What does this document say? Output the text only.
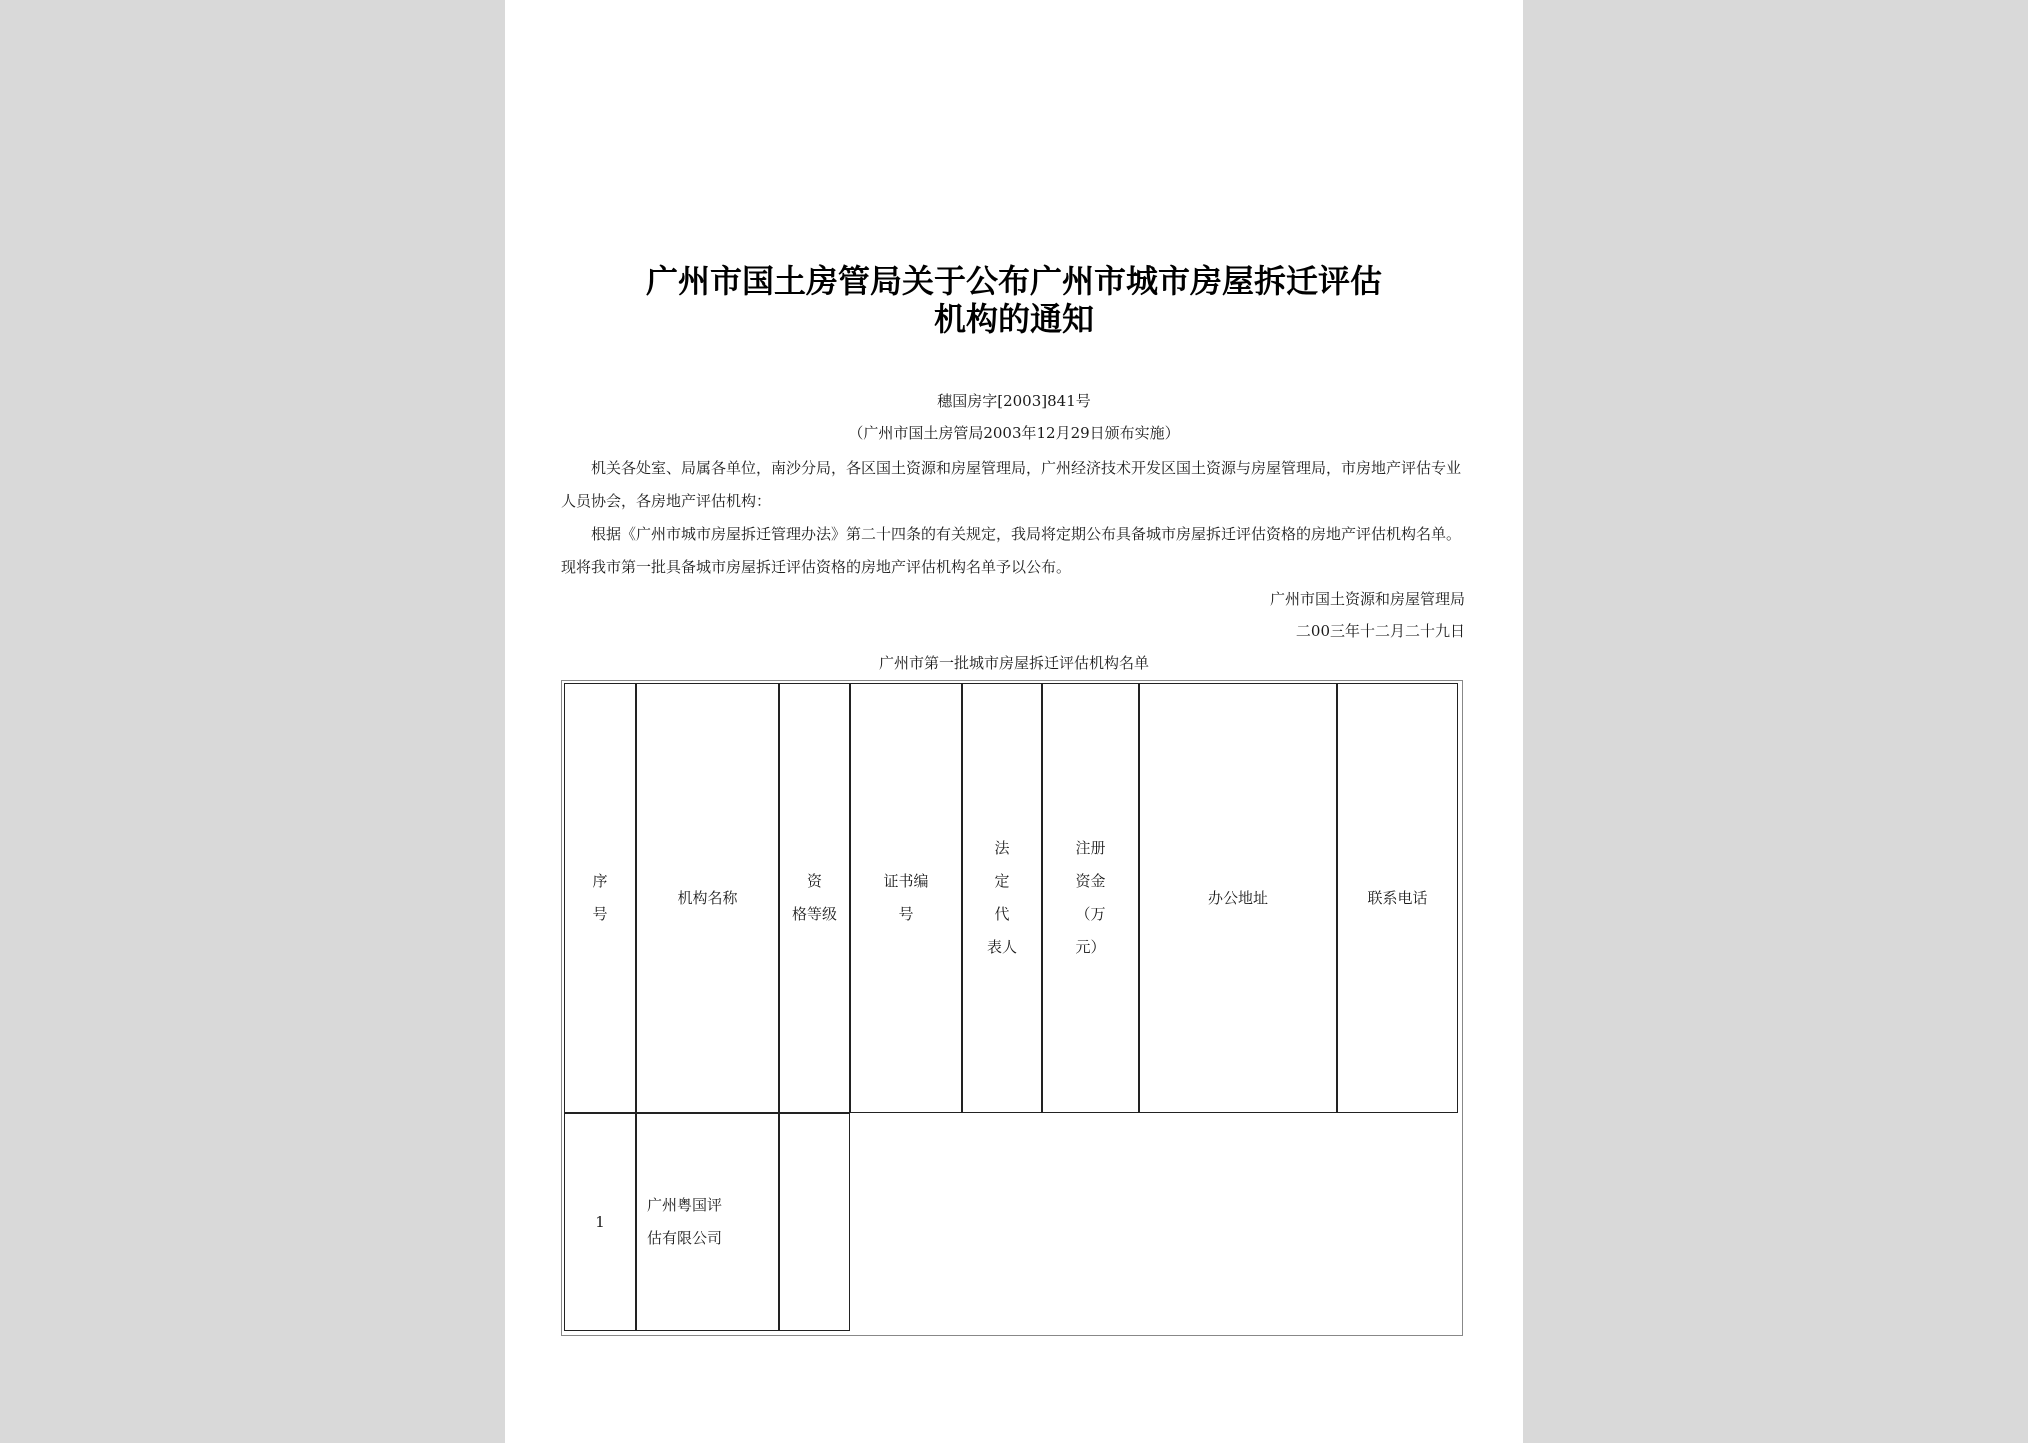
广州市国土房管局关于公布广州市城市房屋拆迁评估
机构的通知
穗国房字[2003]841号
（广州市国土房管局2003年12月29日颁布实施）

机关各处室、局属各单位，南沙分局，各区国土资源和房屋管理局，广州经济技术开发区国土资源与房屋管理局，市房地产评估专业人员协会，各房地产评估机构：

根据《广州市城市房屋拆迁管理办法》第二十四条的有关规定，我局将定期公布具备城市房屋拆迁评估资格的房地产评估机构名单。现将我市第一批具备城市房屋拆迁评估资格的房地产评估机构名单予以公布。

广州市国土资源和房屋管理局
二00三年十二月二十九日
广州市第一批城市房屋拆迁评估机构名单
序
号
机构名称
资
格等级
证书编
号
法
定
代
表人
注册
资金
（万
元）
办公地址	联系电话
1
广州粤国评
估有限公司
